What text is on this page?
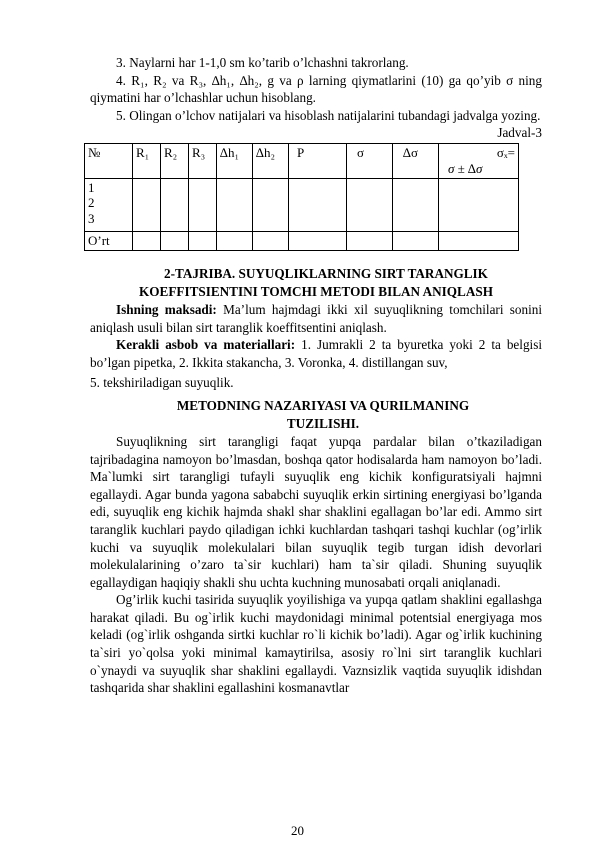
3. Naylarni har 1-1,0 sm ko’tarib o’lchashni takrorlang.

4. R₁, R₂ va R₃, ∆h₁, ∆h₂, g va ρ larning qiymatlarini (10) ga qo’yib σ ning qiymatini har o’lchashlar uchun hisoblang.

5. Olingan o’lchov natijalari va hisoblash natijalarini tubandagi jadvalga yozing.

Jadval-3

№	R₁	R₂	R₃	∆h₁	∆h₂	P	σ	∆σ	σₓ=
σ ± ∆σ

1
2
3									

O’rt									

2-TAJRIBA. SUYUQLIKLARNING SIRT TARANGLIK

KOEFFITSIENTINI TOMCHI METODI BILAN ANIQLASH

Ishning maksadi: Ma’lum hajmdagi ikki xil suyuqlikning tomchilari sonini aniqlash usuli bilan sirt taranglik koeffitsentini aniqlash.

Kerakli asbob va materiallari: 1. Jumrakli 2 ta byuretka yoki 2 ta belgisi bo’lgan pipetka, 2. Ikkita stakancha, 3. Voronka, 4. distillangan suv,

5. tekshiriladigan suyuqlik.

METODNING NAZARIYASI VA QURILMANING

TUZILISHI.

Suyuqlikning sirt tarangligi faqat yupqa pardalar bilan o’tkaziladigan tajribadagina namoyon bo’lmasdan, boshqa qator hodisalarda ham namoyon bo’ladi. Ma`lumki sirt tarangligi tufayli suyuqlik eng kichik konfiguratsiyali hajmni egallaydi. Agar bunda yagona sababchi suyuqlik erkin sirtining energiyasi bo’lganda edi, suyuqlik eng kichik hajmda shakl shar shaklini egallagan bo’lar edi. Ammo sirt taranglik kuchlari paydo qiladigan ichki kuchlardan tashqari tashqi kuchlar (og’irlik kuchi va suyuqlik molekulalari bilan suyuqlik tegib turgan idish devorlari molekulalarining o’zaro ta`sir kuchlari) ham ta`sir qiladi. Shuning suyuqlik egallaydigan haqiqiy shakli shu uchta kuchning munosabati orqali aniqlanadi.

Og’irlik kuchi tasirida suyuqlik yoyilishiga va yupqa qatlam shaklini egallashga harakat qiladi. Bu og`irlik kuchi maydonidagi minimal potentsial energiyaga mos keladi (og`irlik oshganda sirtki kuchlar ro`li kichik bo’ladi). Agar og`irlik kuchining ta`siri yo`qolsa yoki minimal kamaytirilsa, asosiy ro`lni sirt taranglik kuchlari o`ynaydi va suyuqlik shar shaklini egallaydi. Vaznsizlik vaqtida suyuqlik idishdan tashqarida shar shaklini egallashini kosmanavtlar

20
